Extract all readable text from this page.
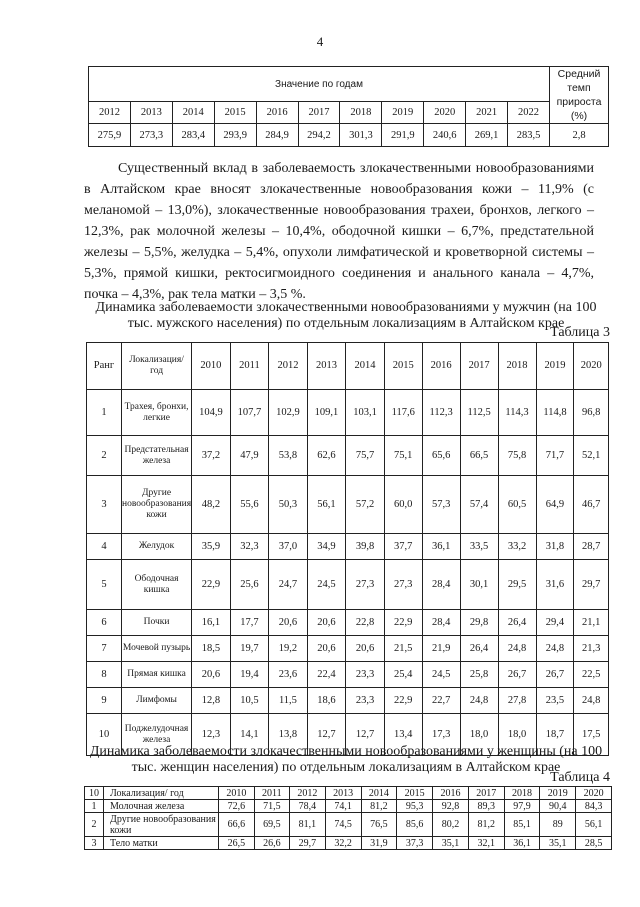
4
Значение по годам											Средний темп прироста (%)
2012	2013	2014	2015	2016	2017	2018	2019	2020	2021	2022	
275,9	273,3	283,4	293,9	284,9	294,2	301,3	291,9	240,6	269,1	283,5	2,8

Существенный вклад в заболеваемость злокачественными новообразованиями в Алтайском крае вносят злокачественные новообразования кожи – 11,9% (с меланомой – 13,0%), злокачественные новообразования трахеи, бронхов, легкого – 12,3%, рак молочной железы – 10,4%, ободочной кишки – 6,7%, предстательной железы – 5,5%, желудка – 5,4%, опухоли лимфатической и кроветворной системы – 5,3%, прямой кишки, ректосигмоидного соединения и анального канала – 4,7%, почка – 4,3%, рак тела матки – 3,5 %.

Динамика заболеваемости злокачественными новообразованиями у мужчин (на 100 тыс. мужского населения) по отдельным локализациям в Алтайском крае

Таблица 3
Ранг	Локализация/ год	2010	2011	2012	2013	2014	2015	2016	2017	2018	2019	2020
1	Трахея, бронхи, легкие	104,9	107,7	102,9	109,1	103,1	117,6	112,3	112,5	114,3	114,8	96,8
2	Предстательная железа	37,2	47,9	53,8	62,6	75,7	75,1	65,6	66,5	75,8	71,7	52,1
3	Другие новообразования кожи	48,2	55,6	50,3	56,1	57,2	60,0	57,3	57,4	60,5	64,9	46,7
4	Желудок	35,9	32,3	37,0	34,9	39,8	37,7	36,1	33,5	33,2	31,8	28,7
5	Ободочная кишка	22,9	25,6	24,7	24,5	27,3	27,3	28,4	30,1	29,5	31,6	29,7
6	Почки	16,1	17,7	20,6	20,6	22,8	22,9	28,4	29,8	26,4	29,4	21,1
7	Мочевой пузырь	18,5	19,7	19,2	20,6	20,6	21,5	21,9	26,4	24,8	24,8	21,3
8	Прямая кишка	20,6	19,4	23,6	22,4	23,3	25,4	24,5	25,8	26,7	26,7	22,5
9	Лимфомы	12,8	10,5	11,5	18,6	23,3	22,9	22,7	24,8	27,8	23,5	24,8
10	Поджелудочная железа	12,3	14,1	13,8	12,7	12,7	13,4	17,3	18,0	18,0	18,7	17,5

Динамика заболеваемости злокачественными новообразованиями у женщины (на 100 тыс. женщин населения) по отдельным локализациям в Алтайском крае

Таблица 4
10	Локализация/ год	2010	2011	2012	2013	2014	2015	2016	2017	2018	2019	2020
1	Молочная железа	72,6	71,5	78,4	74,1	81,2	95,3	92,8	89,3	97,9	90,4	84,3
2	Другие новообразования кожи	66,6	69,5	81,1	74,5	76,5	85,6	80,2	81,2	85,1	89	56,1
3	Тело матки	26,5	26,6	29,7	32,2	31,9	37,3	35,1	32,1	36,1	35,1	28,5
